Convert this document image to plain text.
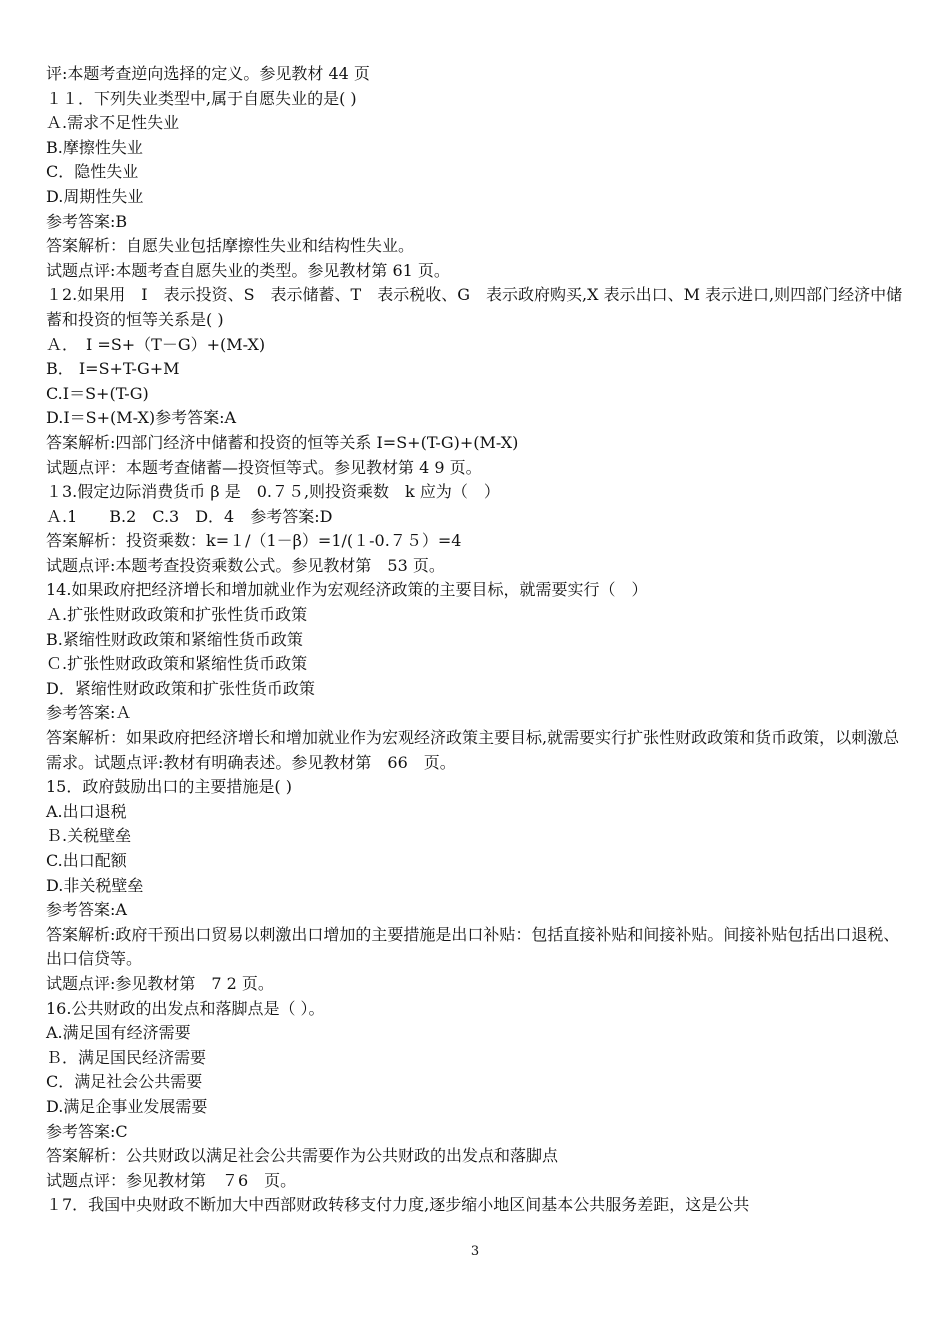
评:本题考查逆向选择的定义。参见教材 44 页
１１．下列失业类型中,属于自愿失业的是( )
Ａ.需求不足性失业
B.摩擦性失业
C．隐性失业
D.周期性失业
参考答案:B
答案解析：自愿失业包括摩擦性失业和结构性失业。
试题点评:本题考查自愿失业的类型。参见教材第 61 页。
１2.如果用　I　表示投资、S　表示储蓄、T　表示税收、G　表示政府购买,X 表示出口、M 表示进口,则四部门经济中储蓄和投资的恒等关系是( )
Ａ．　I =S+（T－G）+(M-X)
B． I=S+T-G+M
C.I＝S+(T-G)
D.I＝S+(M-X)参考答案:A
答案解析:四部门经济中储蓄和投资的恒等关系 I=S+(T-G)+(M-X)
试题点评：本题考查储蓄—投资恒等式。参见教材第 4 9 页。
１3.假定边际消费货币 β 是　0.７５,则投资乘数　k 应为（　）
Ａ.1　　B.2　C.3　D．4　参考答案:D
答案解析：投资乘数：k=１/（1－β）=1/(１-0.７５）=4
试题点评:本题考查投资乘数公式。参见教材第　53 页。
14.如果政府把经济增长和增加就业作为宏观经济政策的主要目标，就需要实行（　）
Ａ.扩张性财政政策和扩张性货币政策
B.紧缩性财政政策和紧缩性货币政策
Ｃ.扩张性财政政策和紧缩性货币政策
D．紧缩性财政政策和扩张性货币政策
参考答案:Ａ
答案解析：如果政府把经济增长和增加就业作为宏观经济政策主要目标,就需要实行扩张性财政政策和货币政策，以刺激总需求。试题点评:教材有明确表述。参见教材第　66　页。
15．政府鼓励出口的主要措施是( )
A.出口退税
Ｂ.关税壁垒
C.出口配额
D.非关税壁垒
参考答案:A
答案解析:政府干预出口贸易以刺激出口增加的主要措施是出口补贴：包括直接补贴和间接补贴。间接补贴包括出口退税、出口信贷等。
试题点评:参见教材第　7 2 页。
16.公共财政的出发点和落脚点是（ ）。
A.满足国有经济需要
Ｂ．满足国民经济需要
C．满足社会公共需要
D.满足企事业发展需要
参考答案:C
答案解析：公共财政以满足社会公共需要作为公共财政的出发点和落脚点
试题点评：参见教材第　７6　页。
１7．我国中央财政不断加大中西部财政转移支付力度,逐步缩小地区间基本公共服务差距，这是公共
3
